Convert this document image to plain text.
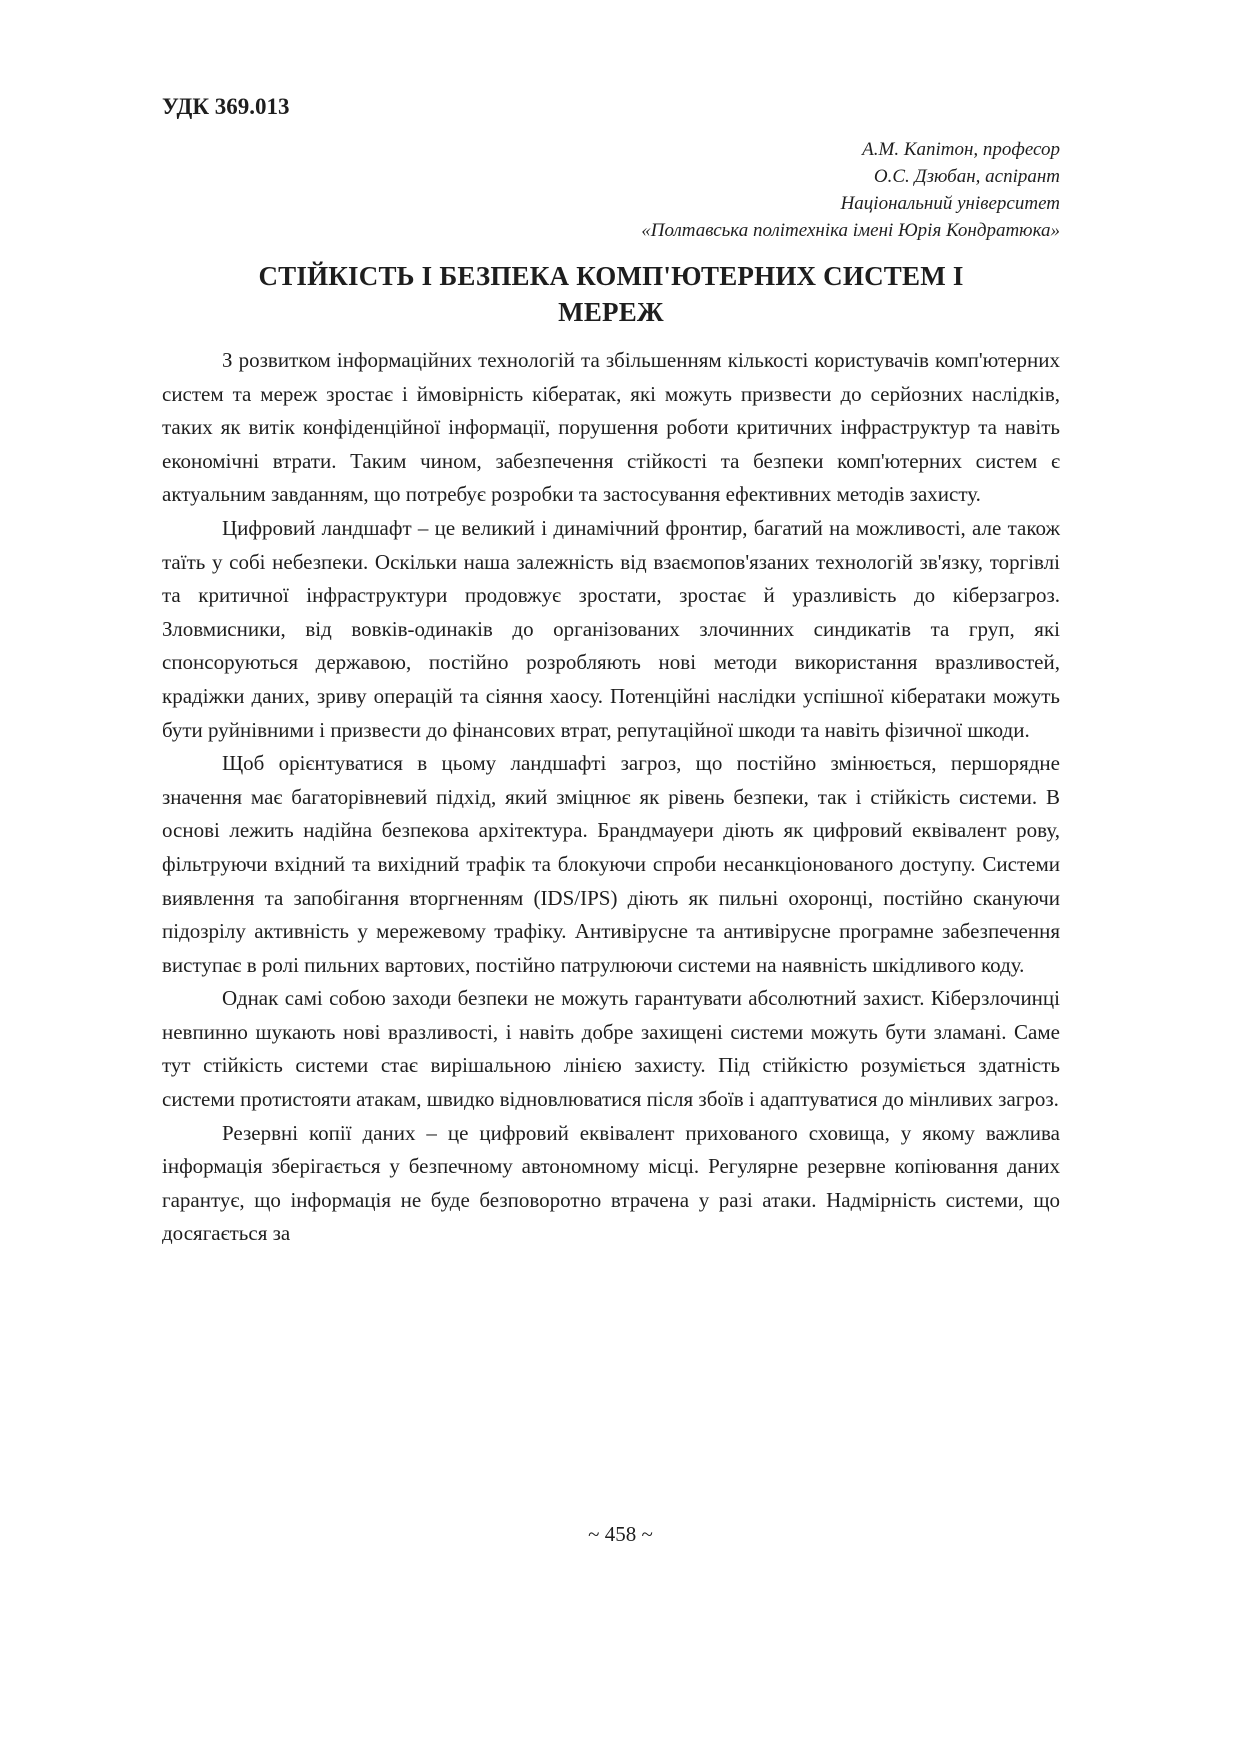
УДК 369.013
А.М. Капітон, професор
О.С. Дзюбан, аспірант
Національний університет
«Полтавська політехніка імені Юрія Кондратюка»
СТІЙКІСТЬ І БЕЗПЕКА КОМП'ЮТЕРНИХ СИСТЕМ І
МЕРЕЖ

З розвитком інформаційних технологій та збільшенням кількості користувачів комп'ютерних систем та мереж зростає і ймовірність кібератак, які можуть призвести до серйозних наслідків, таких як витік конфіденційної інформації, порушення роботи критичних інфраструктур та навіть економічні втрати. Таким чином, забезпечення стійкості та безпеки комп'ютерних систем є актуальним завданням, що потребує розробки та застосування ефективних методів захисту.

Цифровий ландшафт – це великий і динамічний фронтир, багатий на можливості, але також таїть у собі небезпеки. Оскільки наша залежність від взаємопов'язаних технологій зв'язку, торгівлі та критичної інфраструктури продовжує зростати, зростає й уразливість до кіберзагроз. Зловмисники, від вовків-одинаків до організованих злочинних синдикатів та груп, які спонсоруються державою, постійно розробляють нові методи використання вразливостей, крадіжки даних, зриву операцій та сіяння хаосу. Потенційні наслідки успішної кібератаки можуть бути руйнівними і призвести до фінансових втрат, репутаційної шкоди та навіть фізичної шкоди.

Щоб орієнтуватися в цьому ландшафті загроз, що постійно змінюється, першорядне значення має багаторівневий підхід, який зміцнює як рівень безпеки, так і стійкість системи. В основі лежить надійна безпекова архітектура. Брандмауери діють як цифровий еквівалент рову, фільтруючи вхідний та вихідний трафік та блокуючи спроби несанкціонованого доступу. Системи виявлення та запобігання вторгненням (IDS/IPS) діють як пильні охоронці, постійно скануючи підозрілу активність у мережевому трафіку. Антивірусне та антивірусне програмне забезпечення виступає в ролі пильних вартових, постійно патрулюючи системи на наявність шкідливого коду.

Однак самі собою заходи безпеки не можуть гарантувати абсолютний захист. Кіберзлочинці невпинно шукають нові вразливості, і навіть добре захищені системи можуть бути зламані. Саме тут стійкість системи стає вирішальною лінією захисту. Під стійкістю розуміється здатність системи протистояти атакам, швидко відновлюватися після збоїв і адаптуватися до мінливих загроз.

Резервні копії даних – це цифровий еквівалент прихованого сховища, у якому важлива інформація зберігається у безпечному автономному місці. Регулярне резервне копіювання даних гарантує, що інформація не буде безповоротно втрачена у разі атаки. Надмірність системи, що досягається за

~ 458 ~
